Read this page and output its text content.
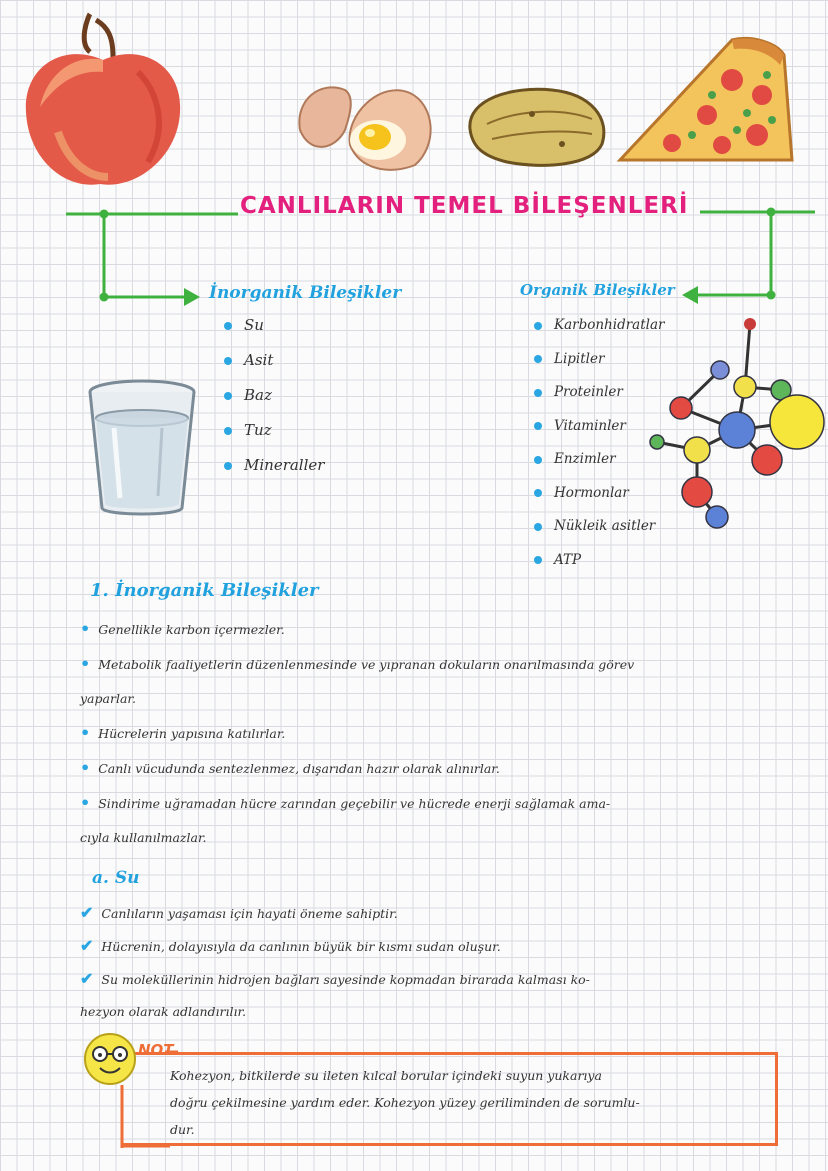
CANLILARIN TEMEL BİLEŞENLERİ
İnorganik Bileşikler
Su
Asit
Baz
Tuz
Mineraller
Organik Bileşikler
Karbonhidratlar
Lipitler
Proteinler
Vitaminler
Enzimler
Hormonlar
Nükleik asitler
ATP
1. İnorganik Bileşikler
• Genellikle karbon içermezler.
• Metabolik faaliyetlerin düzenlenmesinde ve yıpranan dokuların onarılmasında görev
yaparlar.
• Hücrelerin yapısına katılırlar.
• Canlı vücudunda sentezlenmez, dışarıdan hazır olarak alınırlar.
• Sindirime uğramadan hücre zarından geçebilir ve hücrede enerji sağlamak ama-
cıyla kullanılmazlar.
a. Su
✔ Canlıların yaşaması için hayati öneme sahiptir.
✔ Hücrenin, dolayısıyla da canlının büyük bir kısmı sudan oluşur.
✔ Su moleküllerinin hidrojen bağları sayesinde kopmadan birarada kalması ko-
hezyon olarak adlandırılır.
NOT
Kohezyon, bitkilerde su ileten kılcal borular içindeki suyun yukarıya
doğru çekilmesine yardım eder. Kohezyon yüzey geriliminden de sorumlu-
dur.
